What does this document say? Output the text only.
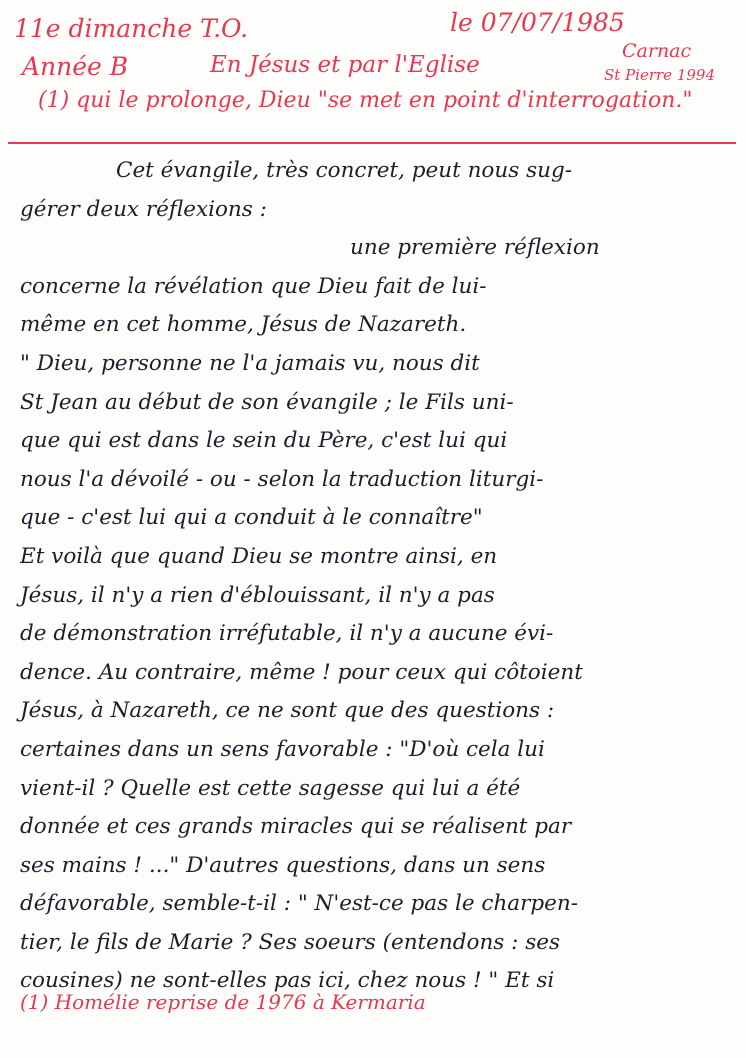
11e dimanche T.O.	le 07/07/1985
Année B	En Jésus et par l'Eglise
Carnac
St Pierre 1994
(1) qui le prolonge, Dieu "se met en point d'interrogation."
Cet évangile, très concret, peut nous sug-
gérer deux réflexions :
une première réflexion
concerne la révélation que Dieu fait de lui-
même en cet homme, Jésus de Nazareth.
" Dieu, personne ne l'a jamais vu, nous dit
St Jean au début de son évangile ; le Fils uni-
que qui est dans le sein du Père, c'est lui qui
nous l'a dévoilé - ou - selon la traduction liturgi-
que - c'est lui qui a conduit à le connaître"
Et voilà que quand Dieu se montre ainsi, en
Jésus, il n'y a rien d'éblouissant, il n'y a pas
de démonstration irréfutable, il n'y a aucune évi-
dence. Au contraire, même ! pour ceux qui côtoient
Jésus, à Nazareth, ce ne sont que des questions :
certaines dans un sens favorable : "D'où cela lui
vient-il ? Quelle est cette sagesse qui lui a été
donnée et ces grands miracles qui se réalisent par
ses mains ! ..." D'autres questions, dans un sens
défavorable, semble-t-il : " N'est-ce pas le charpen-
tier, le fils de Marie ? Ses soeurs (entendons : ses
cousines) ne sont-elles pas ici, chez nous ! " Et si
(1) Homélie reprise de 1976 à Kermaria
